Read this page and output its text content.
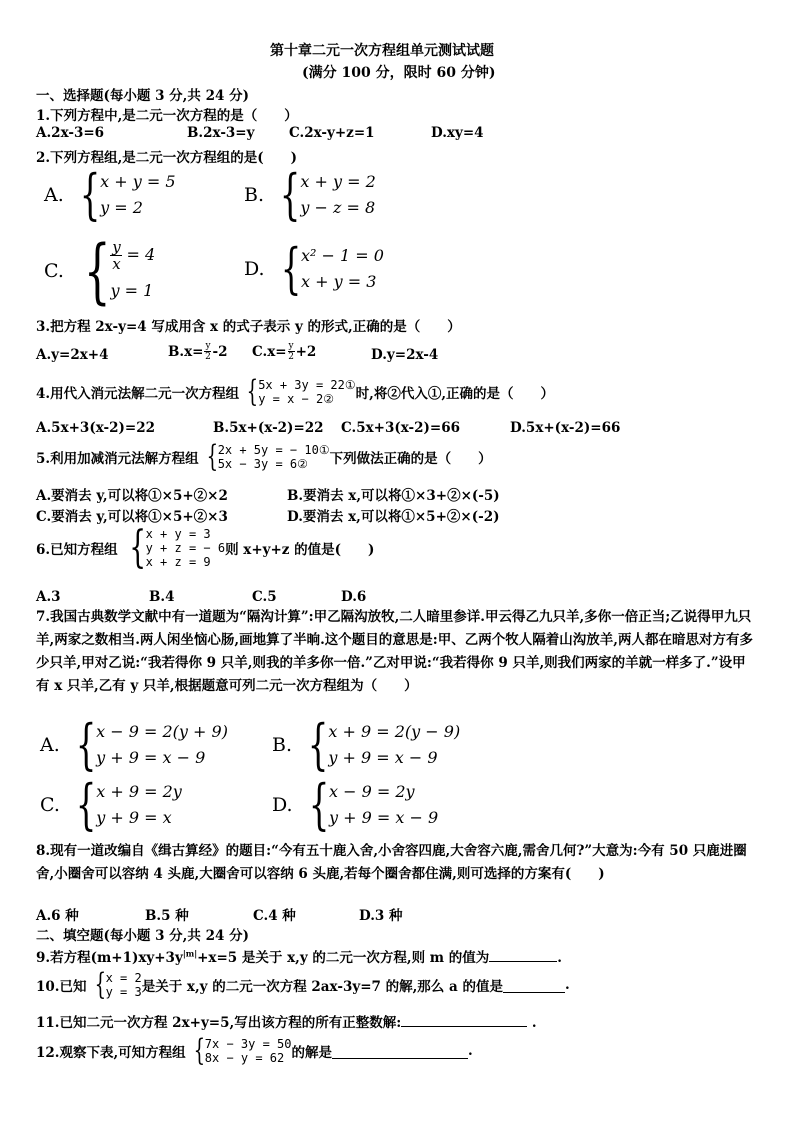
第十章二元一次方程组单元测试试题
(满分 100 分，限时 60 分钟)
一、选择题(每小题 3 分,共 24 分)
1.下列方程中,是二元一次方程的是（　　）
A.2x-3=6	B.2x-3=y	C.2x-y+z=1	D.xy=4
2.下列方程组,是二元一次方程组的是(　　)
A. { x + y = 5
y = 2
B. { x + y = 2
y − z = 8
C. { y
x = 4
y = 1
D. { x² − 1 = 0
x + y = 3
3.把方程 2x-y=4 写成用含 x 的式子表示 y 的形式,正确的是（　　）
A.y=2x+4	B.x= y
2 -2 C.x= y
2 +2	D.y=2x-4
4.用代入消元法解二元一次方程组 { 5x + 3y = 22①
y = x − 2②	时,将②代入①,正确的是（　　）
A.5x+3(x-2)=22	B.5x+(x-2)=22 C.5x+3(x-2)=66	D.5x+(x-2)=66
5.利用加减消元法解方程组 { 2x + 5y = − 10①
5x − 3y = 6②	下列做法正确的是（　　）
A.要消去 y,可以将①×5+②×2	B.要消去 x,可以将①×3+②×(-5)
C.要消去 y,可以将①×5+②×3	D.要消去 x,可以将①×5+②×(-2)
6.已知方程组 { x + y = 3
y + z = − 6
x + z = 9
则 x+y+z 的值是(　　)
A.3	B.4	C.5	D.6
7.我国古典数学文献中有一道题为“隔沟计算”:甲乙隔沟放牧,二人暗里参详.甲云得乙九只羊,多你一倍正当;乙说得甲九只羊,两家之数相当.两人闲坐恼心肠,画地算了半晌.这个题目的意思是:甲、乙两个牧人隔着山沟放羊,两人都在暗思对方有多少只羊,甲对乙说:“我若得你 9 只羊,则我的羊多你一倍.”乙对甲说:“我若得你 9 只羊,则我们两家的羊就一样多了.”设甲有 x 只羊,乙有 y 只羊,根据题意可列二元一次方程组为（　　）
A. { x − 9 = 2(y + 9)
y + 9 = x − 9
B. { x + 9 = 2(y − 9)
y + 9 = x − 9
C. { x + 9 = 2y
y + 9 = x
D. { x − 9 = 2y
y + 9 = x − 9
8.现有一道改编自《缉古算经》的题目:“今有五十鹿入舍,小舍容四鹿,大舍容六鹿,需舍几何?”大意为:今有 50 只鹿进圈舍,小圈舍可以容纳 4 头鹿,大圈舍可以容纳 6 头鹿,若每个圈舍都住满,则可选择的方案有(　　)
A.6 种	B.5 种	C.4 种	D.3 种
二、填空题(每小题 3 分,共 24 分)
9.若方程$(m+1)xy+3y^{|m|}+x=5$ 是关于 x,y 的二元一次方程,则 m 的值为	.
10.已知 { x = 2
y = 3 是关于 x,y 的二元一次方程 2ax-3y=7 的解,那么 a 的值是	.
11.已知二元一次方程 2x+y=5,写出该方程的所有正整数解:	.
12.观察下表,可知方程组 { 7x − 3y = 50
8x − y = 62 的解是	.
